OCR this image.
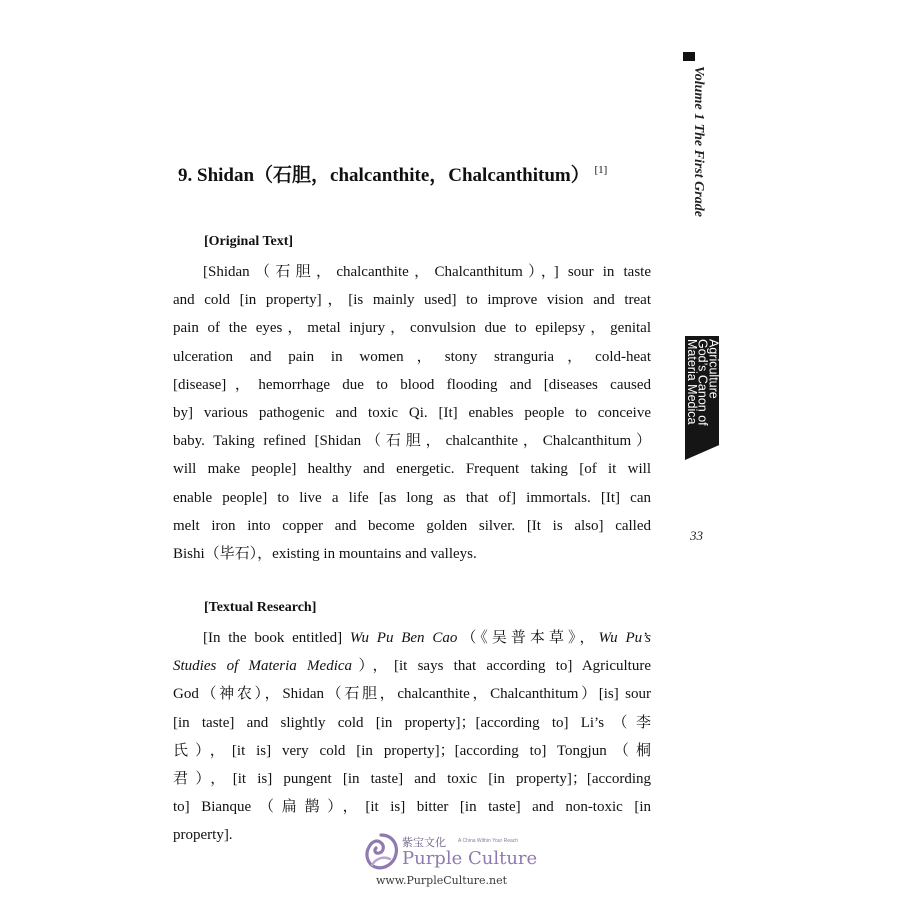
9. Shidan（石胆，chalcanthite，Chalcanthitum） [1]
[Original Text]
[Shidan（石胆，chalcanthite，Chalcanthitum），] sour in taste
and cold [in property]，[is mainly used] to improve vision and treat
pain of the eyes，metal injury，convulsion due to epilepsy，genital
ulceration and pain in women，stony stranguria，cold-heat
[disease]，hemorrhage due to blood flooding and [diseases caused
by] various pathogenic and toxic Qi. [It] enables people to conceive
baby. Taking refined [Shidan（石胆，chalcanthite，Chalcanthitum）
will make people] healthy and energetic. Frequent taking [of it will
enable people] to live a life [as long as that of] immortals. [It] can
melt iron into copper and become golden silver. [It is also] called
Bishi（毕石），existing in mountains and valleys.
[Textual Research]
[In the book entitled] Wu Pu Ben Cao（《吴普本草》，Wu Pu’s
Studies of Materia Medica），[it says that according to] Agriculture
God（神农），Shidan（石胆，chalcanthite，Chalcanthitum）[is] sour
[in taste] and slightly cold [in property]；[according to] Li’s（李
氏），[it is] very cold [in property]；[according to] Tongjun（桐
君），[it is] pungent [in taste] and toxic [in property]；[according
to] Bianque（扁鹊），[it is] bitter [in taste] and non-toxic [in
property].
Volume 1 The First Grade
Agriculture
God’s Canon of
Materia Medica
33
紫宝文化 A China Within Your Reach
Purple Culture
www.PurpleCulture.net
